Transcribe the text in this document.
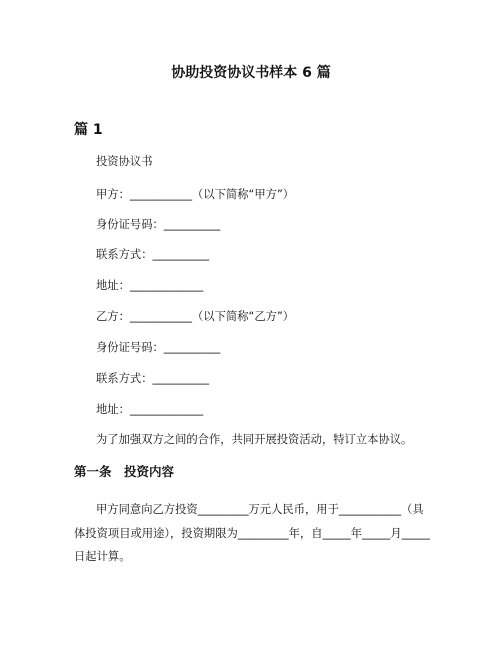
协助投资协议书样本 6 篇
篇 1
投资协议书
甲方：___________（以下简称“甲方”）
身份证号码：__________
联系方式：__________
地址：_____________
乙方：___________（以下简称“乙方”）
身份证号码：__________
联系方式：__________
地址：_____________
为了加强双方之间的合作，共同开展投资活动，特订立本协议。
第一条　投资内容
甲方同意向乙方投资_________万元人民币，用于___________（具体投资项目或用途），投资期限为_________年，自_____年_____月_____日起计算。
